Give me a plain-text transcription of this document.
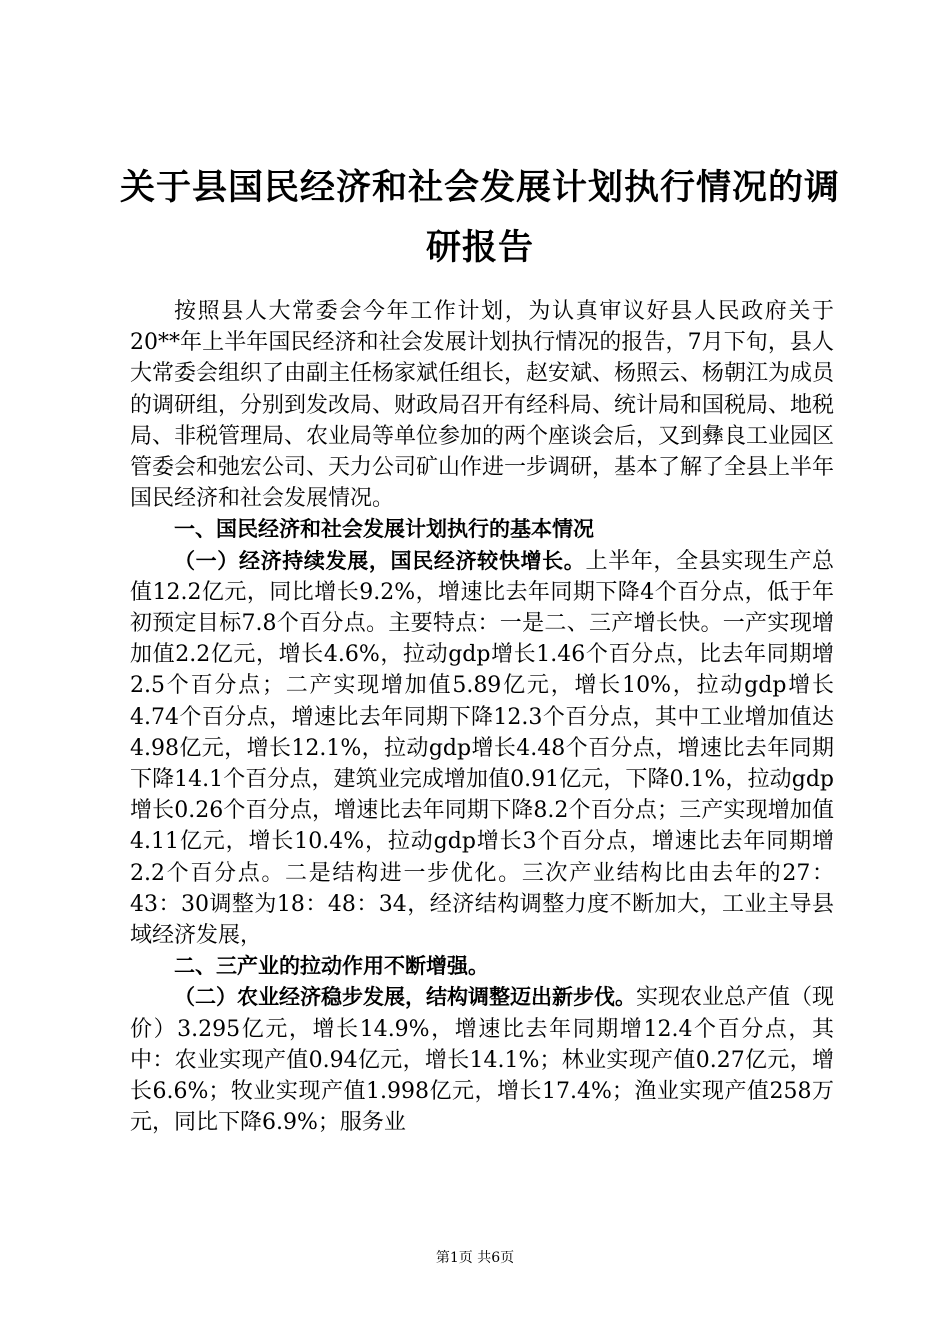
关于县国民经济和社会发展计划执行情况的调研报告

按照县人大常委会今年工作计划，为认真审议好县人民政府关于20**年上半年国民经济和社会发展计划执行情况的报告，7月下旬，县人大常委会组织了由副主任杨家斌任组长，赵安斌、杨照云、杨朝江为成员的调研组，分别到发改局、财政局召开有经科局、统计局和国税局、地税局、非税管理局、农业局等单位参加的两个座谈会后，又到彝良工业园区管委会和弛宏公司、天力公司矿山作进一步调研，基本了解了全县上半年国民经济和社会发展情况。

一、国民经济和社会发展计划执行的基本情况

（一）经济持续发展，国民经济较快增长。上半年，全县实现生产总值12.2亿元，同比增长9.2%，增速比去年同期下降4个百分点，低于年初预定目标7.8个百分点。主要特点：一是二、三产增长快。一产实现增加值2.2亿元，增长4.6%，拉动gdp增长1.46个百分点，比去年同期增2.5个百分点；二产实现增加值5.89亿元，增长10%，拉动gdp增长4.74个百分点，增速比去年同期下降12.3个百分点，其中工业增加值达4.98亿元，增长12.1%，拉动gdp增长4.48个百分点，增速比去年同期下降14.1个百分点，建筑业完成增加值0.91亿元，下降0.1%，拉动gdp增长0.26个百分点，增速比去年同期下降8.2个百分点；三产实现增加值4.11亿元，增长10.4%，拉动gdp增长3个百分点，增速比去年同期增2.2个百分点。二是结构进一步优化。三次产业结构比由去年的27：43：30调整为18：48：34，经济结构调整力度不断加大，工业主导县域经济发展，

二、三产业的拉动作用不断增强。

（二）农业经济稳步发展，结构调整迈出新步伐。实现农业总产值（现价）3.295亿元，增长14.9%，增速比去年同期增12.4个百分点，其中：农业实现产值0.94亿元，增长14.1%；林业实现产值0.27亿元，增长6.6%；牧业实现产值1.998亿元，增长17.4%；渔业实现产值258万元，同比下降6.9%；服务业

第1页 共6页
